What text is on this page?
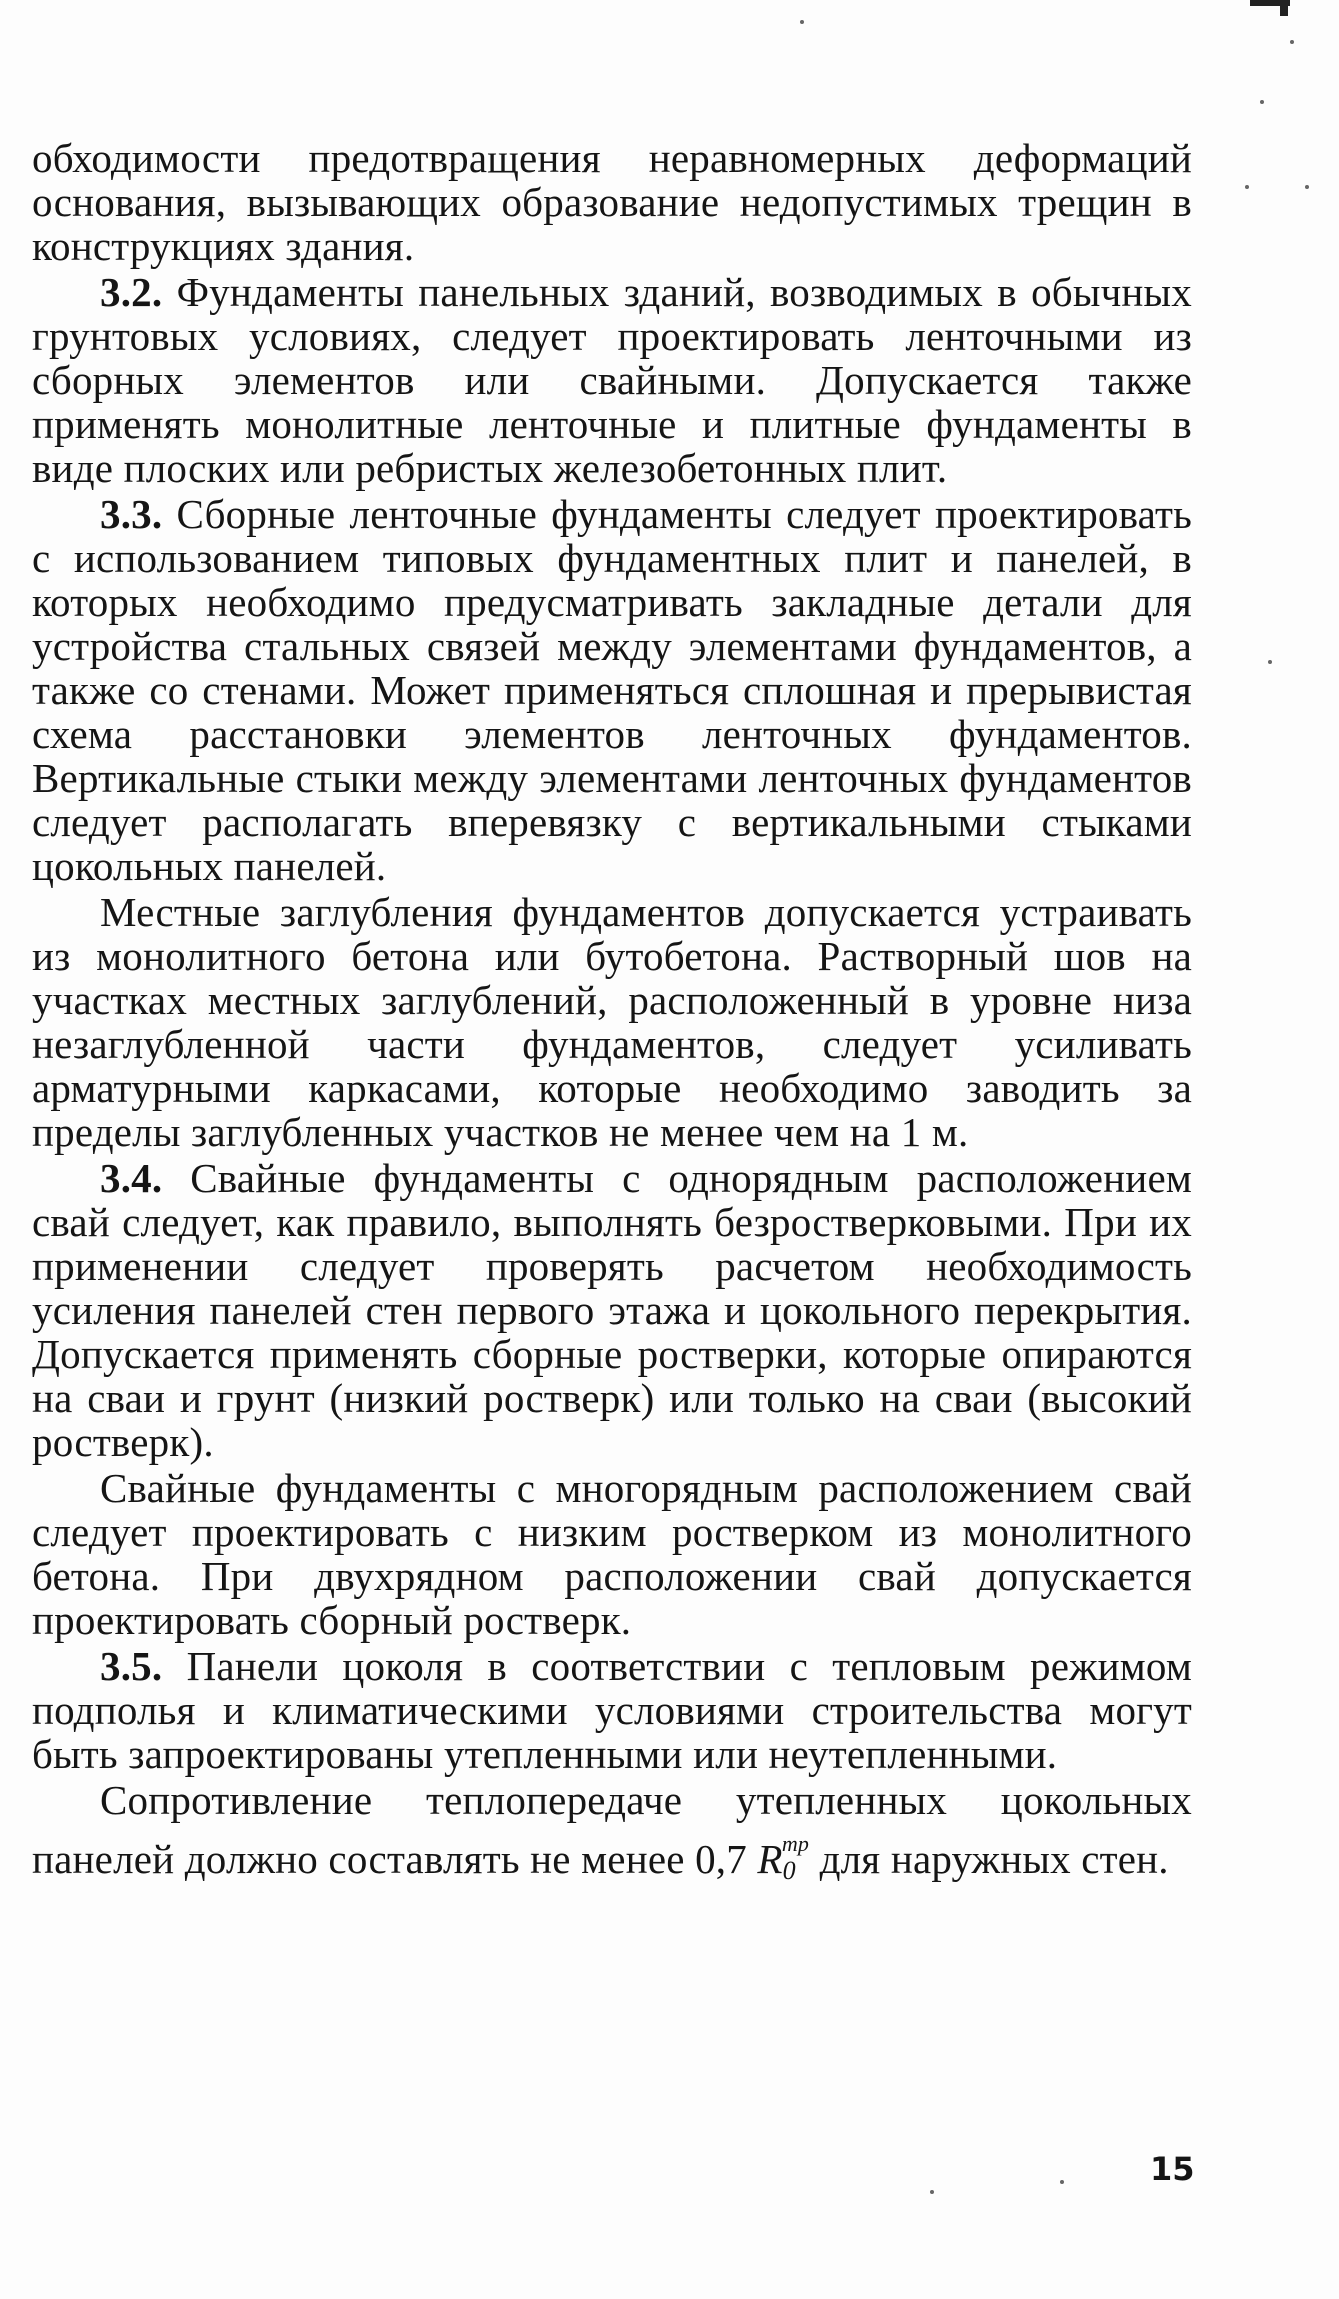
обходимости предотвращения неравномерных деформаций основания, вызывающих образование недопустимых трещин в конструкциях здания.

3.2. Фундаменты панельных зданий, возводимых в обычных грунтовых условиях, следует проектировать ленточными из сборных элементов или свайными. Допускается также применять монолитные ленточные и плитные фундаменты в виде плоских или ребристых железобетонных плит.

3.3. Сборные ленточные фундаменты следует проектировать с использованием типовых фундаментных плит и панелей, в которых необходимо предусматривать закладные детали для устройства стальных связей между элементами фундаментов, а также со стенами. Может применяться сплошная и прерывистая схема расстановки элементов ленточных фундаментов. Вертикальные стыки между элементами ленточных фундаментов следует располагать вперевязку с вертикальными стыками цокольных панелей.

Местные заглубления фундаментов допускается устраивать из монолитного бетона или бутобетона. Растворный шов на участках местных заглублений, расположенный в уровне низа незаглубленной части фундаментов, следует усиливать арматурными каркасами, которые необходимо заводить за пределы заглубленных участков не менее чем на 1 м.

3.4. Свайные фундаменты с однорядным расположением свай следует, как правило, выполнять безростверковыми. При их применении следует проверять расчетом необходимость усиления панелей стен первого этажа и цокольного перекрытия. Допускается применять сборные ростверки, которые опираются на сваи и грунт (низкий ростверк) или только на сваи (высокий ростверк).

Свайные фундаменты с многорядным расположением свай следует проектировать с низким ростверком из монолитного бетона. При двухрядном расположении свай допускается проектировать сборный ростверк.

3.5. Панели цоколя в соответствии с тепловым режимом подполья и климатическими условиями строительства могут быть запроектированы утепленными или неутепленными.

Сопротивление теплопередаче утепленных цокольных панелей должно составлять не менее 0,7 $R_0^{тр}$ для наружных стен.

15
